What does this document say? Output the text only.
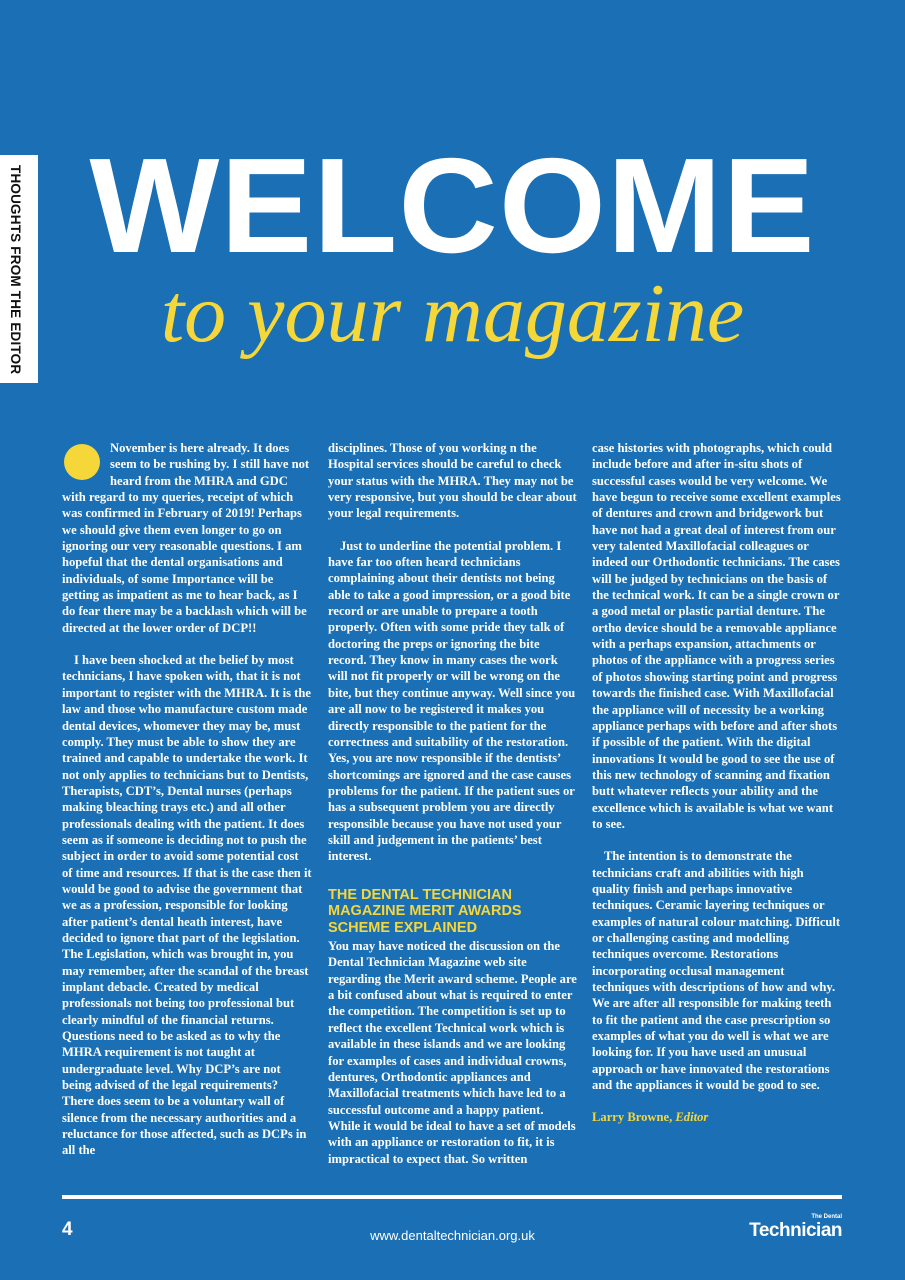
THOUGHTS FROM THE EDITOR WELCOME
to your magazine

November is here already. It does seem to be rushing by. I still have not heard from the MHRA and GDC with regard to my queries, receipt of which was confirmed in February of 2019! Perhaps we should give them even longer to go on ignoring our very reasonable questions. I am hopeful that the dental organisations and individuals, of some Importance will be getting as impatient as me to hear back, as I do fear there may be a backlash which will be directed at the lower order of DCP!!

I have been shocked at the belief by most technicians, I have spoken with, that it is not important to register with the MHRA. It is the law and those who manufacture custom made dental devices, whomever they may be, must comply. They must be able to show they are trained and capable to undertake the work. It not only applies to technicians but to Dentists, Therapists, CDT’s, Dental nurses (perhaps making bleaching trays etc.) and all other professionals dealing with the patient. It does seem as if someone is deciding not to push the subject in order to avoid some potential cost of time and resources. If that is the case then it would be good to advise the government that we as a profession, responsible for looking after patient’s dental heath interest, have decided to ignore that part of the legislation. The Legislation, which was brought in, you may remember, after the scandal of the breast implant debacle. Created by medical professionals not being too professional but clearly mindful of the financial returns. Questions need to be asked as to why the MHRA requirement is not taught at undergraduate level. Why DCP’s are not being advised of the legal requirements? There does seem to be a voluntary wall of silence from the necessary authorities and a reluctance for those affected, such as DCPs in all the

disciplines. Those of you working n the Hospital services should be careful to check your status with the MHRA. They may not be very responsive, but you should be clear about your legal requirements.

Just to underline the potential problem. I have far too often heard technicians complaining about their dentists not being able to take a good impression, or a good bite record or are unable to prepare a tooth properly. Often with some pride they talk of doctoring the preps or ignoring the bite record. They know in many cases the work will not fit properly or will be wrong on the bite, but they continue anyway. Well since you are all now to be registered it makes you directly responsible to the patient for the correctness and suitability of the restoration. Yes, you are now responsible if the dentists’ shortcomings are ignored and the case causes problems for the patient. If the patient sues or has a subsequent problem you are directly responsible because you have not used your skill and judgement in the patients’ best interest.

THE DENTAL TECHNICIAN MAGAZINE MERIT AWARDS SCHEME EXPLAINED

You may have noticed the discussion on the Dental Technician Magazine web site regarding the Merit award scheme. People are a bit confused about what is required to enter the competition. The competition is set up to reflect the excellent Technical work which is available in these islands and we are looking for examples of cases and individual crowns, dentures, Orthodontic appliances and Maxillofacial treatments which have led to a successful outcome and a happy patient. While it would be ideal to have a set of models with an appliance or restoration to fit, it is impractical to expect that. So written

case histories with photographs, which could include before and after in-situ shots of successful cases would be very welcome. We have begun to receive some excellent examples of dentures and crown and bridgework but have not had a great deal of interest from our very talented Maxillofacial colleagues or indeed our Orthodontic technicians. The cases will be judged by technicians on the basis of the technical work. It can be a single crown or a good metal or plastic partial denture. The ortho device should be a removable appliance with a perhaps expansion, attachments or photos of the appliance with a progress series of photos showing starting point and progress towards the finished case. With Maxillofacial the appliance will of necessity be a working appliance perhaps with before and after shots if possible of the patient. With the digital innovations It would be good to see the use of this new technology of scanning and fixation butt whatever reflects your ability and the excellence which is available is what we want to see.

The intention is to demonstrate the technicians craft and abilities with high quality finish and perhaps innovative techniques. Ceramic layering techniques or examples of natural colour matching. Difficult or challenging casting and modelling techniques overcome. Restorations incorporating occlusal management techniques with descriptions of how and why. We are after all responsible for making teeth to fit the patient and the case prescription so examples of what you do well is what we are looking for. If you have used an unusual approach or have innovated the restorations and the appliances it would be good to see.

Larry Browne, Editor
4	www.dentaltechnician.org.uk
The Dental
Technician
